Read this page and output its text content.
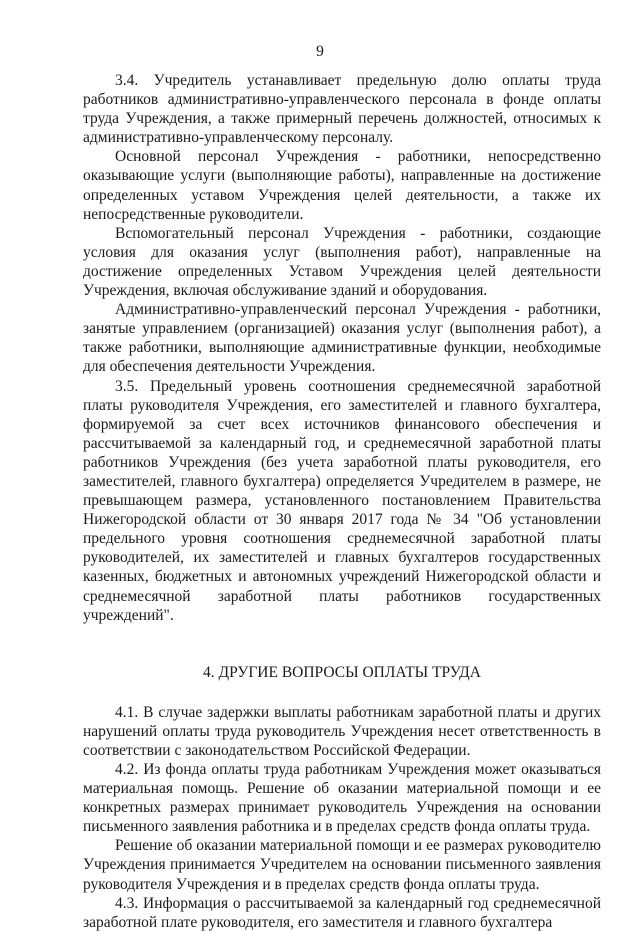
9

3.4. Учредитель устанавливает предельную долю оплаты труда работников административно-управленческого персонала в фонде оплаты труда Учреждения, а также примерный перечень должностей, относимых к административно-управленческому персоналу.

Основной персонал Учреждения - работники, непосредственно оказывающие услуги (выполняющие работы), направленные на достижение определенных уставом Учреждения целей деятельности, а также их непосредственные руководители.

Вспомогательный персонал Учреждения - работники, создающие условия для оказания услуг (выполнения работ), направленные на достижение определенных Уставом Учреждения целей деятельности Учреждения, включая обслуживание зданий и оборудования.

Административно-управленческий персонал Учреждения - работники, занятые управлением (организацией) оказания услуг (выполнения работ), а также работники, выполняющие административные функции, необходимые для обеспечения деятельности Учреждения.

3.5. Предельный уровень соотношения среднемесячной заработной платы руководителя Учреждения, его заместителей и главного бухгалтера, формируемой за счет всех источников финансового обеспечения и рассчитываемой за календарный год, и среднемесячной заработной платы работников Учреждения (без учета заработной платы руководителя, его заместителей, главного бухгалтера) определяется Учредителем в размере, не превышающем размера, установленного постановлением Правительства Нижегородской области от 30 января 2017 года № 34 "Об установлении предельного уровня соотношения среднемесячной заработной платы руководителей, их заместителей и главных бухгалтеров государственных казенных, бюджетных и автономных учреждений Нижегородской области и среднемесячной заработной платы работников государственных учреждений".

4. ДРУГИЕ ВОПРОСЫ ОПЛАТЫ ТРУДА

4.1. В случае задержки выплаты работникам заработной платы и других нарушений оплаты труда руководитель Учреждения несет ответственность в соответствии с законодательством Российской Федерации.

4.2. Из фонда оплаты труда работникам Учреждения может оказываться материальная помощь. Решение об оказании материальной помощи и ее конкретных размерах принимает руководитель Учреждения на основании письменного заявления работника и в пределах средств фонда оплаты труда.

Решение об оказании материальной помощи и ее размерах руководителю Учреждения принимается Учредителем на основании письменного заявления руководителя Учреждения и в пределах средств фонда оплаты труда.

4.3. Информация о рассчитываемой за календарный год среднемесячной заработной плате руководителя, его заместителя и главного бухгалтера
